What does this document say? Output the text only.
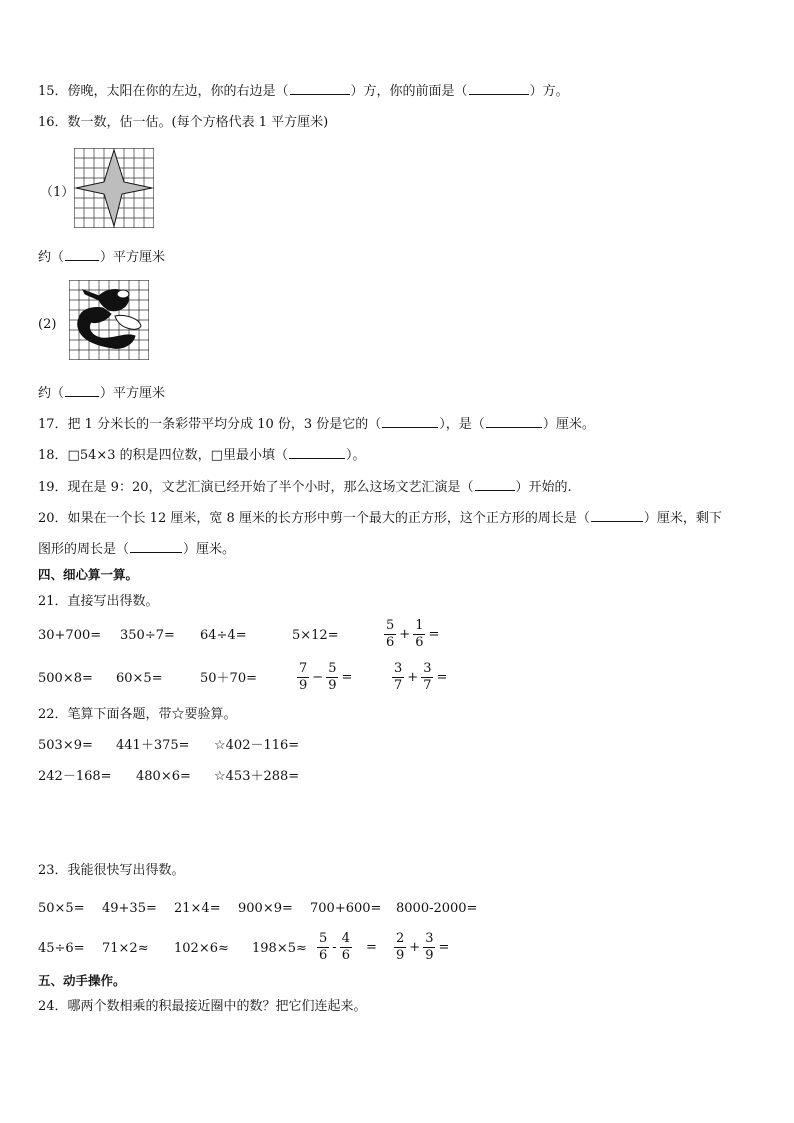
15．傍晚，太阳在你的左边，你的右边是（	）方，你的前面是（	）方。
16．数一数，估一估。(每个方格代表 1 平方厘米)
（1）
约（	）平方厘米
(2)
约（	）平方厘米
17．把 1 分米长的一条彩带平均分成 10 份，3 份是它的（	），是（	）厘米。
18．□54×3 的积是四位数，□里最小填（	）。
19．现在是 9：20，文艺汇演已经开始了半个小时，那么这场文艺汇演是（	）开始的.
20．如果在一个长 12 厘米，宽 8 厘米的长方形中剪一个最大的正方形，这个正方形的周长是（	）厘米，剩下
图形的周长是（	）厘米。
四、细心算一算。
21．直接写出得数。
30+700= 350÷7= 64÷4=	5×12=	$\frac{5}{6} + \frac{1}{6}$ =
500×8= 60×5=	50＋70=	$\frac{7}{9} - \frac{5}{9}$ =	$\frac{3}{7} + \frac{3}{7}$ =
22．笔算下面各题，带☆要验算。
503×9= 441＋375= ☆402－116=
242－168= 480×6= ☆453＋288=
23．我能很快写出得数。
50×5= 49+35= 21×4= 900×9= 700+600= 8000-2000=
$45\div 6= 71\times 2\approx 102\times 6\approx 198\times 5\approx \frac{5}{6} - \frac{4}{6} = \frac{2}{9} + \frac{3}{9}$ =
五、动手操作。
24．哪两个数相乘的积最接近圈中的数？把它们连起来。
